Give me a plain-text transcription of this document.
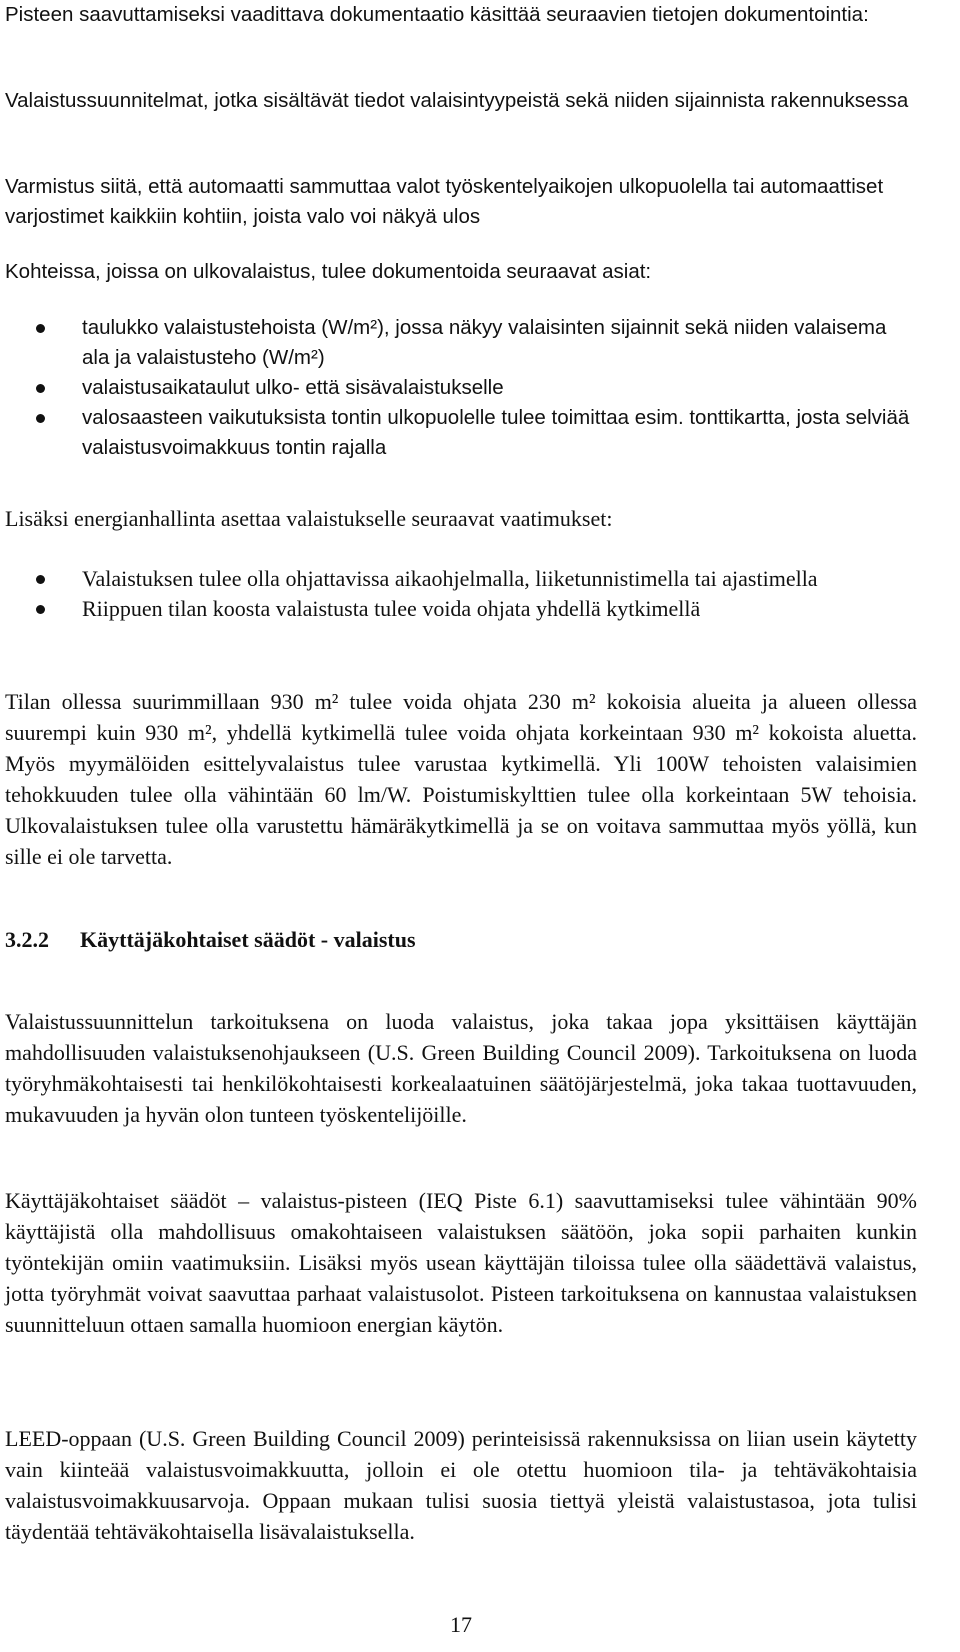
Pisteen saavuttamiseksi vaadittava dokumentaatio käsittää seuraavien tietojen dokumentointia:

Valaistussuunnitelmat, jotka sisältävät tiedot valaisintyypeistä sekä niiden sijainnista rakennuksessa

Varmistus siitä, että automaatti sammuttaa valot työskentelyaikojen ulkopuolella tai automaattiset varjostimet kaikkiin kohtiin, joista valo voi näkyä ulos

Kohteissa, joissa on ulkovalaistus, tulee dokumentoida seuraavat asiat:

taulukko valaistustehoista (W/m²), jossa näkyy valaisinten sijainnit sekä niiden valaisema ala ja valaistusteho (W/m²)
valaistusaikataulut ulko- että sisävalaistukselle
valosaasteen vaikutuksista tontin ulkopuolelle tulee toimittaa esim. tonttikartta, josta selviää valaistusvoimakkuus tontin rajalla

Lisäksi energianhallinta asettaa valaistukselle seuraavat vaatimukset:

Valaistuksen tulee olla ohjattavissa aikaohjelmalla, liiketunnistimella tai ajastimella
Riippuen tilan koosta valaistusta tulee voida ohjata yhdellä kytkimellä

Tilan ollessa suurimmillaan 930 m² tulee voida ohjata 230 m² kokoisia alueita ja alueen ollessa suurempi kuin 930 m², yhdellä kytkimellä tulee voida ohjata korkeintaan 930 m² kokoista aluetta. Myös myymälöiden esittelyvalaistus tulee varustaa kytkimellä. Yli 100W tehoisten valaisimien tehokkuuden tulee olla vähintään 60 lm/W. Poistumiskylttien tulee olla korkeintaan 5W tehoisia. Ulkovalaistuksen tulee olla varustettu hämäräkytkimellä ja se on voitava sammuttaa myös yöllä, kun sille ei ole tarvetta.

3.2.2 Käyttäjäkohtaiset säädöt - valaistus

Valaistussuunnittelun tarkoituksena on luoda valaistus, joka takaa jopa yksittäisen käyttäjän mahdollisuuden valaistuksenohjaukseen (U.S. Green Building Council 2009). Tarkoituksena on luoda työryhmäkohtaisesti tai henkilökohtaisesti korkealaatuinen säätöjärjestelmä, joka takaa tuottavuuden, mukavuuden ja hyvän olon tunteen työskentelijöille.

Käyttäjäkohtaiset säädöt – valaistus-pisteen (IEQ Piste 6.1) saavuttamiseksi tulee vähintään 90% käyttäjistä olla mahdollisuus omakohtaiseen valaistuksen säätöön, joka sopii parhaiten kunkin työntekijän omiin vaatimuksiin. Lisäksi myös usean käyttäjän tiloissa tulee olla säädettävä valaistus, jotta työryhmät voivat saavuttaa parhaat valaistusolot. Pisteen tarkoituksena on kannustaa valaistuksen suunnitteluun ottaen samalla huomioon energian käytön.

LEED-oppaan (U.S. Green Building Council 2009) perinteisissä rakennuksissa on liian usein käytetty vain kiinteää valaistusvoimakkuutta, jolloin ei ole otettu huomioon tila- ja tehtäväkohtaisia valaistusvoimakkuusarvoja. Oppaan mukaan tulisi suosia tiettyä yleistä valaistustasoa, jota tulisi täydentää tehtäväkohtaisella lisävalaistuksella.

17
